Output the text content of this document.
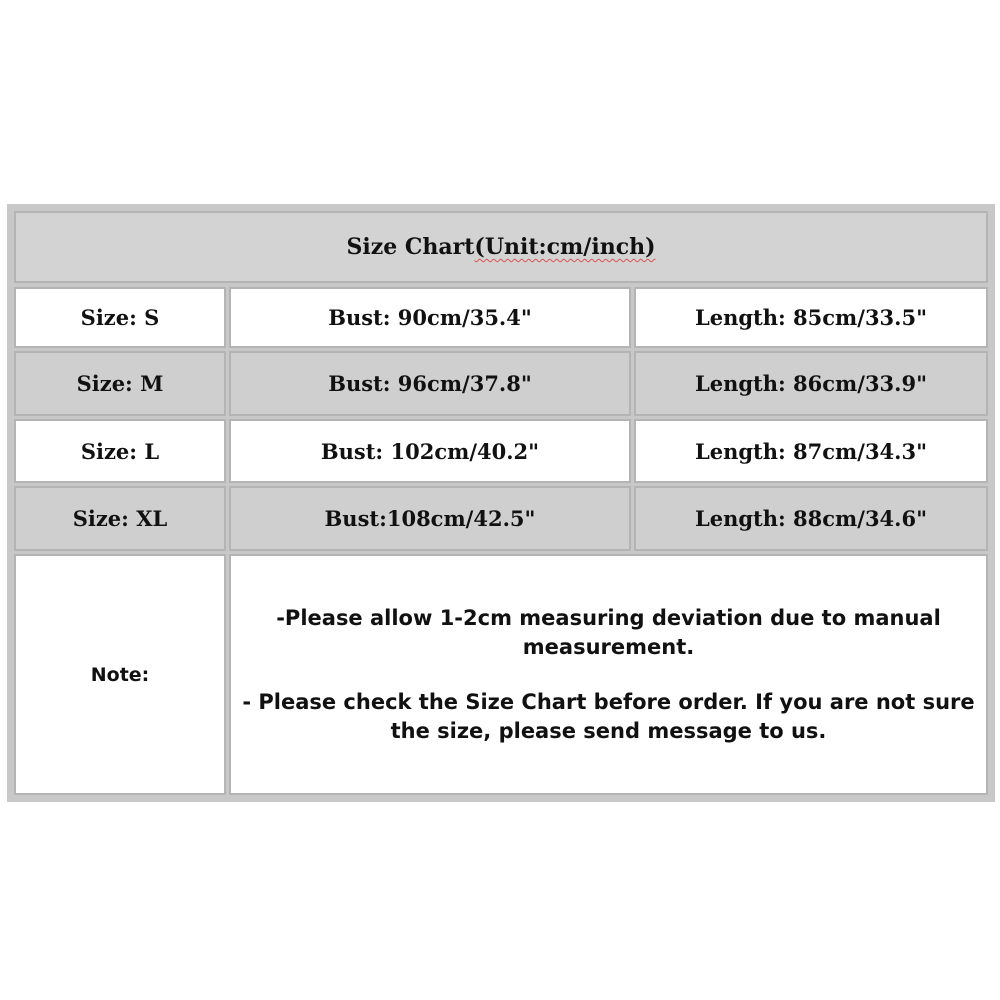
Size Chart (Unit:cm/inch)
Size: S	Bust: 90cm/35.4"	Length: 85cm/33.5"
Size: M	Bust: 96cm/37.8"	Length: 86cm/33.9"
Size: L	Bust: 102cm/40.2"	Length: 87cm/34.3"
Size: XL	Bust:108cm/42.5"	Length: 88cm/34.6"
Note:

-Please allow 1-2cm measuring deviation due to manual measurement.

- Please check the Size Chart before order. If you are not sure the size, please send message to us.
